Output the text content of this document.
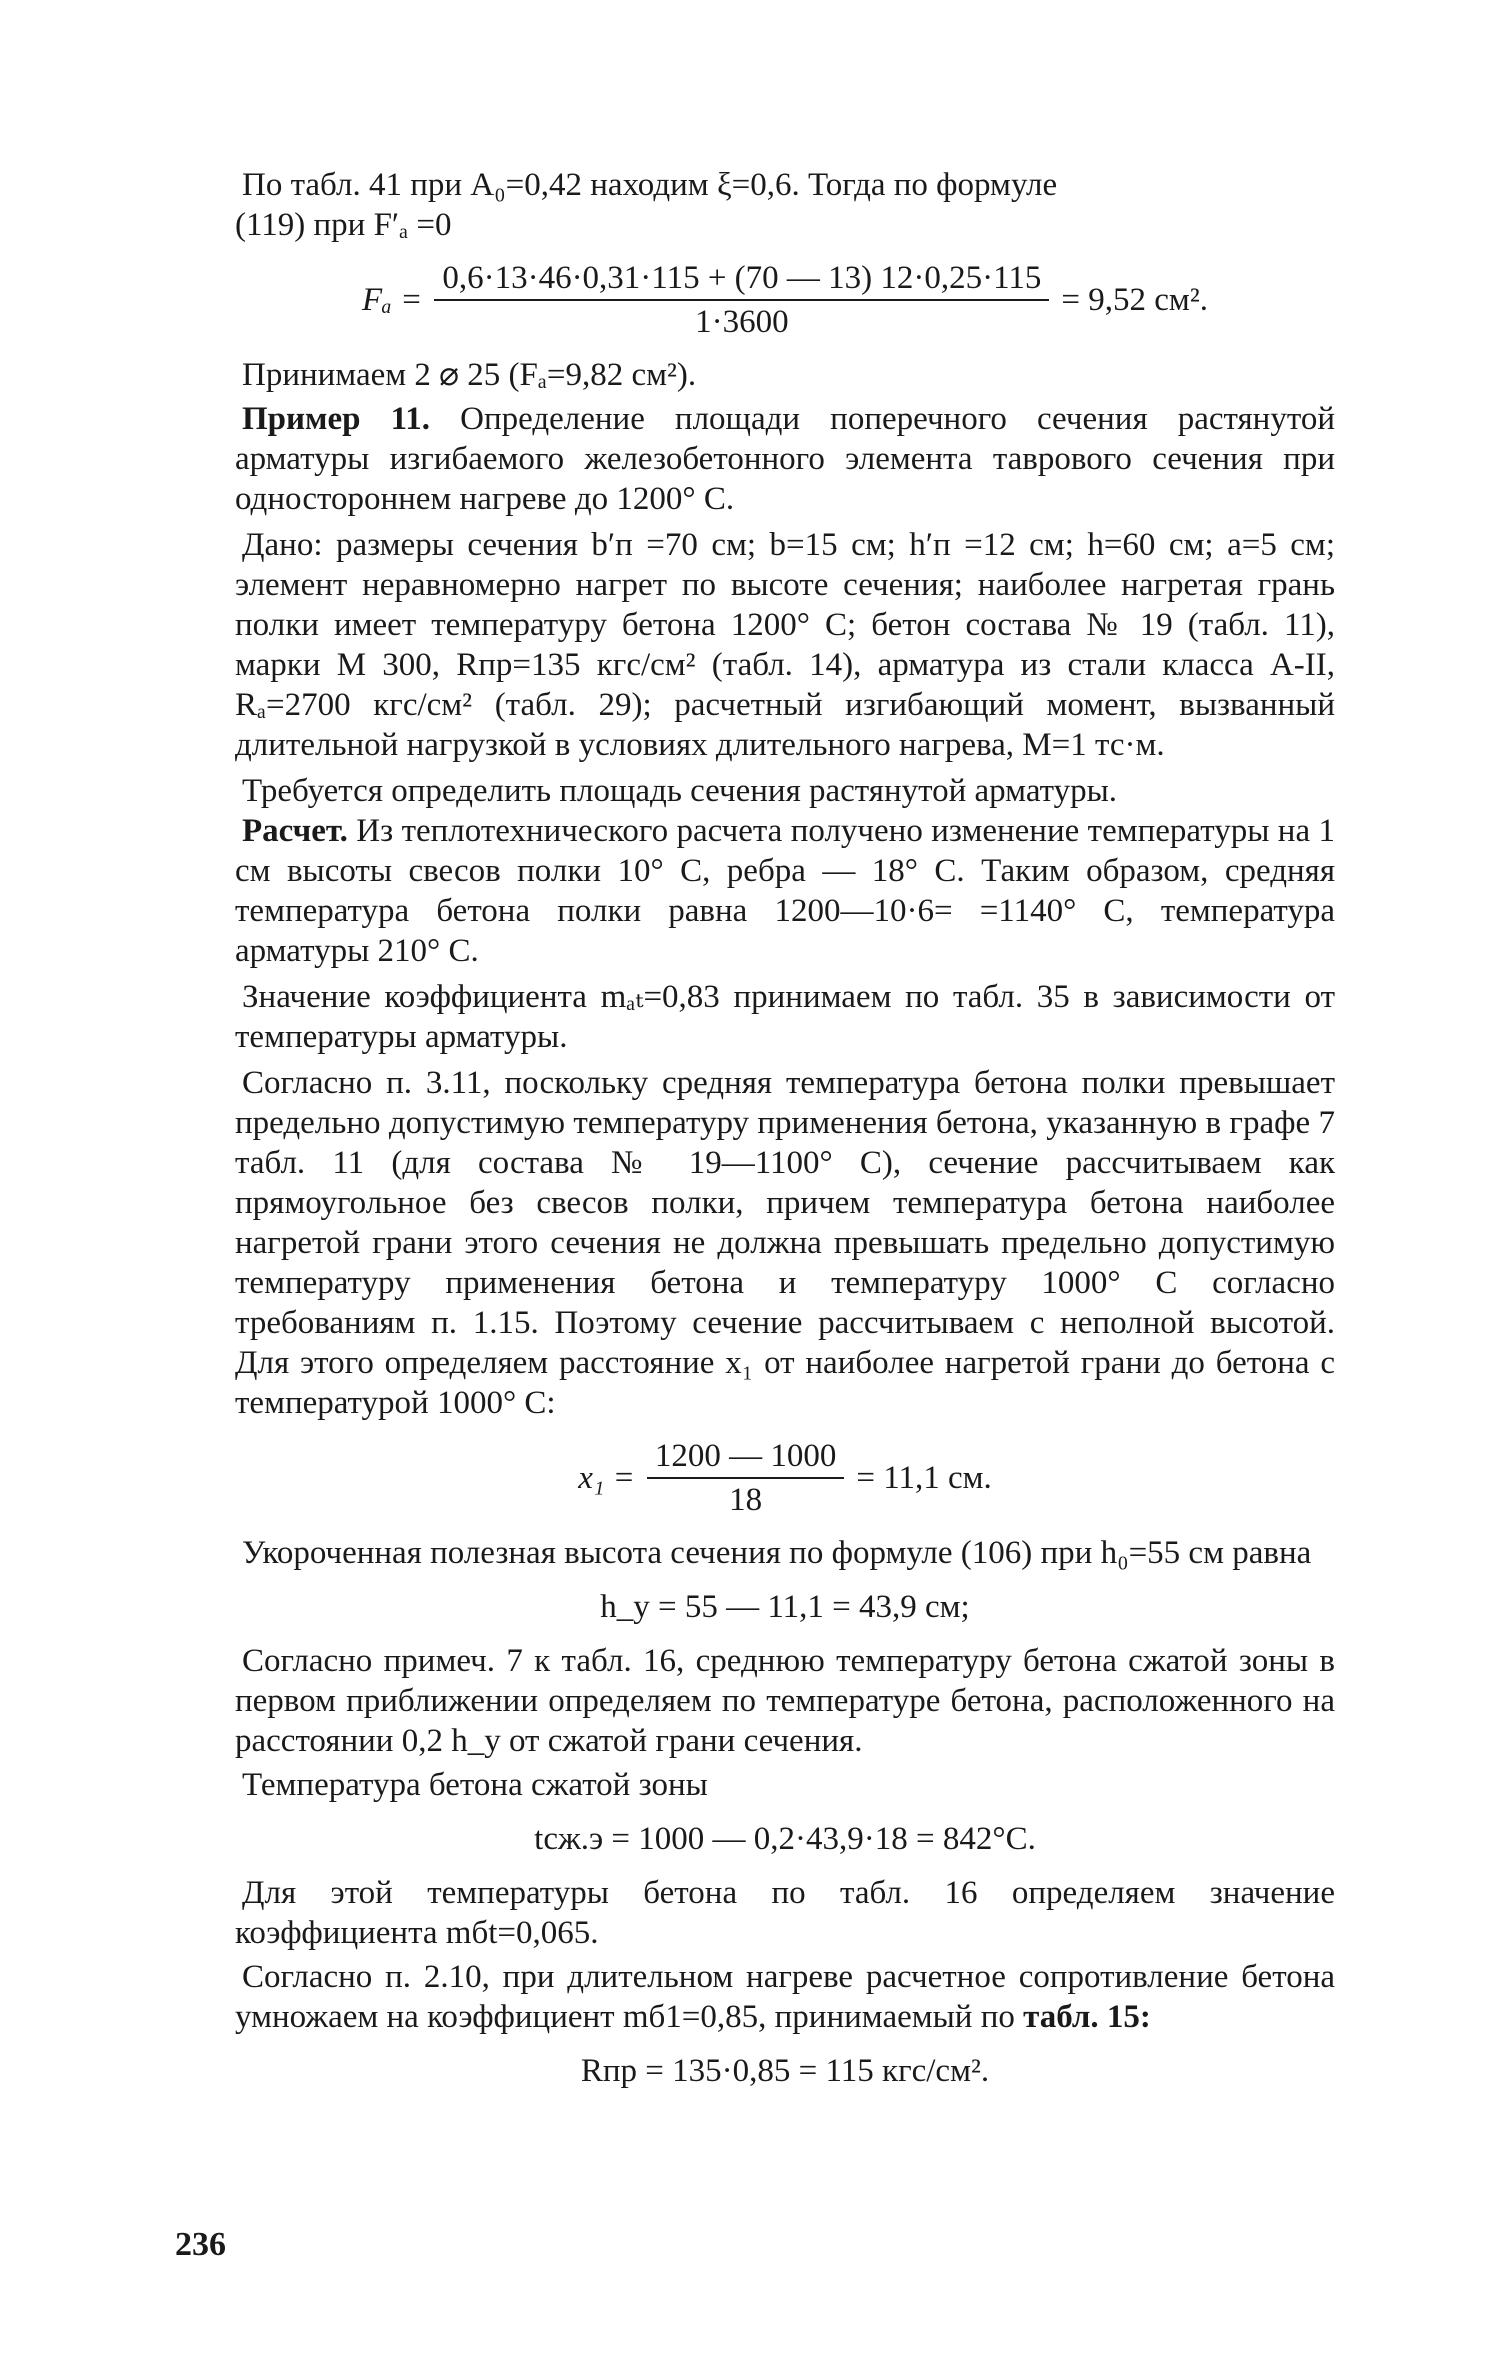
По табл. 41 при A₀=0,42 находим ξ=0,6. Тогда по формуле
(119) при F′ₐ =0

$F_a = \frac{0,6\cdot 13\cdot 46\cdot 0,31\cdot 115 + (70 — 13) 12\cdot 0,25\cdot 115}{1\cdot 3600} = 9,52$ см².

Принимаем 2 ⌀ 25 (Fₐ=9,82 см²).

Пример 11. Определение площади поперечного сечения растянутой арматуры изгибаемого железобетонного элемента таврового сечения при одностороннем нагреве до 1200° С.

Дано: размеры сечения b′п =70 см; b=15 см; h′п =12 см; h=60 см; a=5 см; элемент неравномерно нагрет по высоте сечения; наиболее нагретая грань полки имеет температуру бетона 1200° С; бетон состава № 19 (табл. 11), марки М 300, Rпр=135 кгс/см² (табл. 14), арматура из стали класса А-II, Rₐ=2700 кгс/см² (табл. 29); расчетный изгибающий момент, вызванный длительной нагрузкой в условиях длительного нагрева, M=1 тс·м.

Требуется определить площадь сечения растянутой арматуры.

Расчет. Из теплотехнического расчета получено изменение температуры на 1 см высоты свесов полки 10° С, ребра — 18° С. Таким образом, средняя температура бетона полки равна 1200—10·6= =1140° С, температура арматуры 210° С.

Значение коэффициента mₐₜ=0,83 принимаем по табл. 35 в зависимости от температуры арматуры.

Согласно п. 3.11, поскольку средняя температура бетона полки превышает предельно допустимую температуру применения бетона, указанную в графе 7 табл. 11 (для состава № 19—1100° С), сечение рассчитываем как прямоугольное без свесов полки, причем температура бетона наиболее нагретой грани этого сечения не должна превышать предельно допустимую температуру применения бетона и температуру 1000° С согласно требованиям п. 1.15. Поэтому сечение рассчитываем с неполной высотой. Для этого определяем расстояние x₁ от наиболее нагретой грани до бетона с температурой 1000° С:

$x_1 = \frac{1200 — 1000}{18} = 11,1$ см.

Укороченная полезная высота сечения по формуле (106) при h₀=55 см равна

h_y = 55 — 11,1 = 43,9 см;

Согласно примеч. 7 к табл. 16, среднюю температуру бетона сжатой зоны в первом приближении определяем по температуре бетона, расположенного на расстоянии 0,2 h_y от сжатой грани сечения.

Температура бетона сжатой зоны

tсж.э = 1000 — 0,2·43,9·18 = 842°С.

Для этой температуры бетона по табл. 16 определяем значение коэффициента mбt=0,065.

Согласно п. 2.10, при длительном нагреве расчетное сопротивление бетона умножаем на коэффициент mб1=0,85, принимаемый по табл. 15:

Rпр = 135·0,85 = 115 кгс/см².
236
